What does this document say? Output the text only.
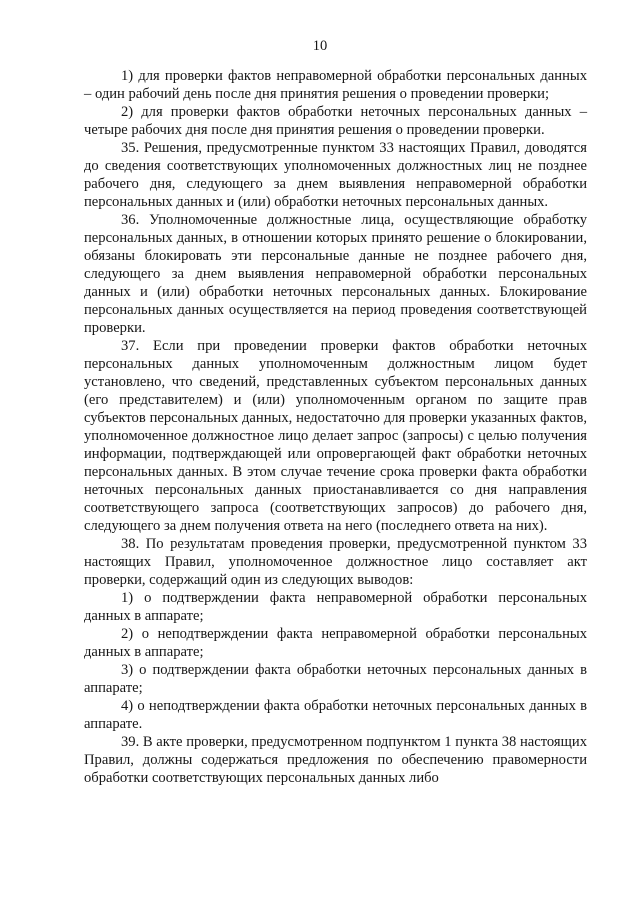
10

1) для проверки фактов неправомерной обработки персональных данных – один рабочий день после дня принятия решения о проведении проверки;

2) для проверки фактов обработки неточных персональных данных – четыре рабочих дня после дня принятия решения о проведении проверки.

35. Решения, предусмотренные пунктом 33 настоящих Правил, доводятся до сведения соответствующих уполномоченных должностных лиц не позднее рабочего дня, следующего за днем выявления неправомерной обработки персональных данных и (или) обработки неточных персональных данных.

36. Уполномоченные должностные лица, осуществляющие обработку персональных данных, в отношении которых принято решение о блокировании, обязаны блокировать эти персональные данные не позднее рабочего дня, следующего за днем выявления неправомерной обработки персональных данных и (или) обработки неточных персональных данных. Блокирование персональных данных осуществляется на период проведения соответствующей проверки.

37. Если при проведении проверки фактов обработки неточных персональных данных уполномоченным должностным лицом будет установлено, что сведений, представленных субъектом персональных данных (его представителем) и (или) уполномоченным органом по защите прав субъектов персональных данных, недостаточно для проверки указанных фактов, уполномоченное должностное лицо делает запрос (запросы) с целью получения информации, подтверждающей или опровергающей факт обработки неточных персональных данных. В этом случае течение срока проверки факта обработки неточных персональных данных приостанавливается со дня направления соответствующего запроса (соответствующих запросов) до рабочего дня, следующего за днем получения ответа на него (последнего ответа на них).

38. По результатам проведения проверки, предусмотренной пунктом 33 настоящих Правил, уполномоченное должностное лицо составляет акт проверки, содержащий один из следующих выводов:

1) о подтверждении факта неправомерной обработки персональных данных в аппарате;

2) о неподтверждении факта неправомерной обработки персональных данных в аппарате;

3) о подтверждении факта обработки неточных персональных данных в аппарате;

4) о неподтверждении факта обработки неточных персональных данных в аппарате.

39. В акте проверки, предусмотренном подпунктом 1 пункта 38 настоящих Правил, должны содержаться предложения по обеспечению правомерности обработки соответствующих персональных данных либо
